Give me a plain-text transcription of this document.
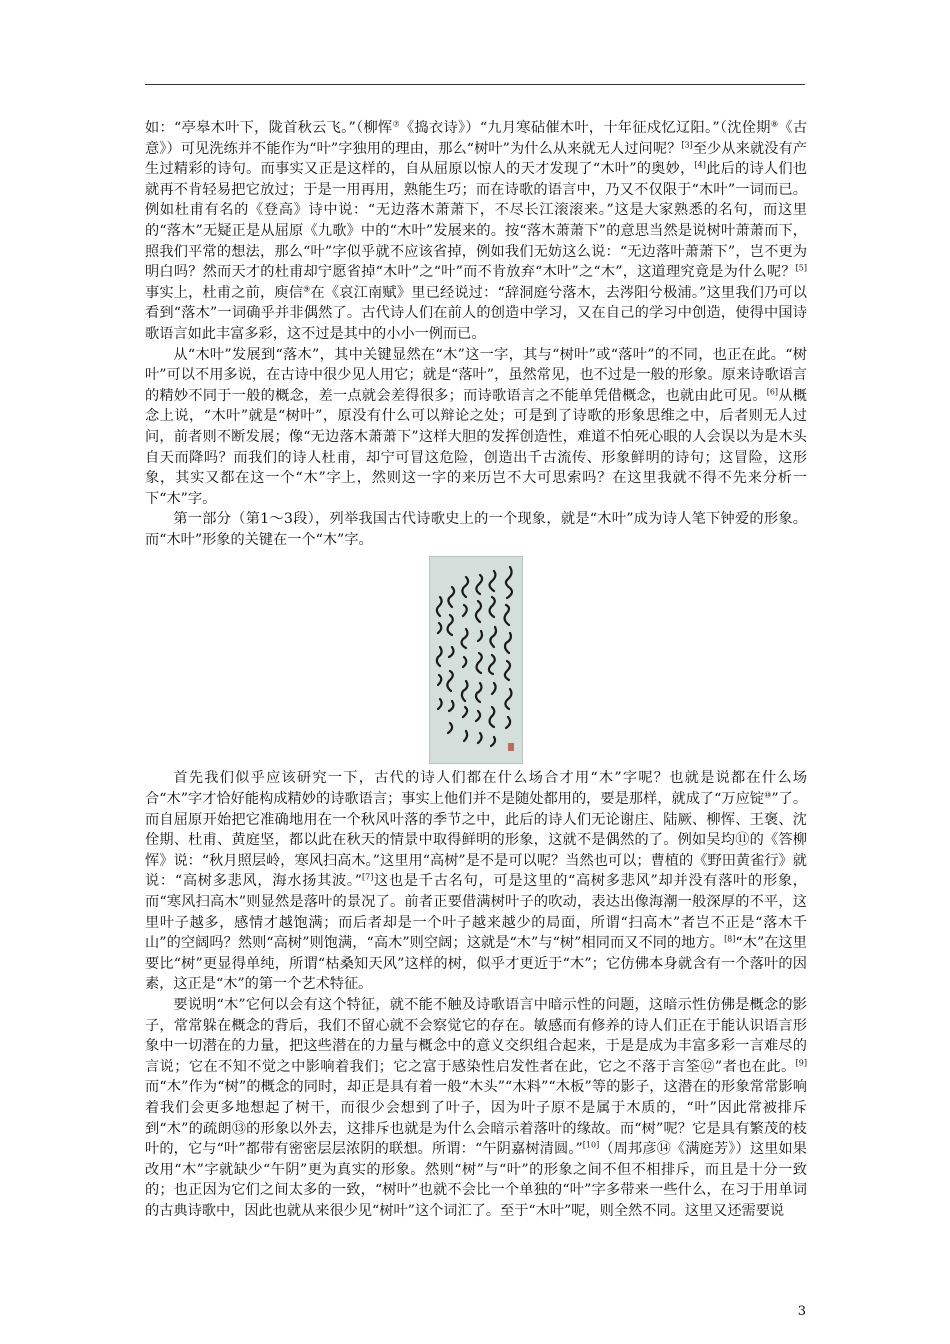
如：“亭皋木叶下，陇首秋云飞。”（柳恽⑦《捣衣诗》）“九月寒砧催木叶，十年征戍忆辽阳。”（沈佺期⑧《古意》）可见洗练并不能作为“叶”字独用的理由，那么“树叶”为什么从来就无人过问呢？[3]至少从来就没有产生过精彩的诗句。而事实又正是这样的，自从屈原以惊人的天才发现了“木叶”的奥妙，[4]此后的诗人们也就再不肯轻易把它放过；于是一用再用，熟能生巧；而在诗歌的语言中，乃又不仅限于“木叶”一词而已。例如杜甫有名的《登高》诗中说：“无边落木萧萧下，不尽长江滚滚来。”这是大家熟悉的名句，而这里的“落木”无疑正是从屈原《九歌》中的“木叶”发展来的。按“落木萧萧下”的意思当然是说树叶萧萧而下，照我们平常的想法，那么“叶”字似乎就不应该省掉，例如我们无妨这么说：“无边落叶萧萧下”，岂不更为明白吗？然而天才的杜甫却宁愿省掉“木叶”之“叶”而不肯放弃“木叶”之“木”，这道理究竟是为什么呢？[5]事实上，杜甫之前，庾信⑨在《哀江南赋》里已经说过：“辞洞庭兮落木，去涔阳兮极浦。”这里我们乃可以看到“落木”一词确乎并非偶然了。古代诗人们在前人的创造中学习，又在自己的学习中创造，使得中国诗歌语言如此丰富多彩，这不过是其中的小小一例而已。

从“木叶”发展到“落木”，其中关键显然在“木”这一字，其与“树叶”或“落叶”的不同，也正在此。“树叶”可以不用多说，在古诗中很少见人用它；就是“落叶”，虽然常见，也不过是一般的形象。原来诗歌语言的精妙不同于一般的概念，差一点就会差得很多；而诗歌语言之不能单凭借概念，也就由此可见。[6]从概念上说，“木叶”就是“树叶”，原没有什么可以辩论之处；可是到了诗歌的形象思维之中，后者则无人过问，前者则不断发展；像“无边落木萧萧下”这样大胆的发挥创造性，难道不怕死心眼的人会误以为是木头自天而降吗？而我们的诗人杜甫，却宁可冒这危险，创造出千古流传、形象鲜明的诗句；这冒险，这形象，其实又都在这一个“木”字上，然则这一字的来历岂不大可思索吗？在这里我就不得不先来分析一下“木”字。

第一部分（第1～3段），列举我国古代诗歌史上的一个现象，就是“木叶”成为诗人笔下钟爱的形象。而“木叶”形象的关键在一个“木”字。

首先我们似乎应该研究一下，古代的诗人们都在什么场合才用“木”字呢？也就是说都在什么场合“木”字才恰好能构成精妙的诗歌语言；事实上他们并不是随处都用的，要是那样，就成了“万应锭⑩”了。而自屈原开始把它准确地用在一个秋风叶落的季节之中，此后的诗人们无论谢庄、陆厥、柳恽、王褒、沈佺期、杜甫、黄庭坚，都以此在秋天的情景中取得鲜明的形象，这就不是偶然的了。例如吴均⑪的《答柳恽》说：“秋月照层岭，寒风扫高木。”这里用“高树”是不是可以呢？当然也可以；曹植的《野田黄雀行》就说：“高树多悲风，海水扬其波。”[7]这也是千古名句，可是这里的“高树多悲风”却并没有落叶的形象，而“寒风扫高木”则显然是落叶的景况了。前者正要借满树叶子的吹动，表达出像海潮一般深厚的不平，这里叶子越多，感情才越饱满；而后者却是一个叶子越来越少的局面，所谓“扫高木”者岂不正是“落木千山”的空阔吗？然则“高树”则饱满，“高木”则空阔；这就是“木”与“树”相同而又不同的地方。[8]“木”在这里要比“树”更显得单纯，所谓“枯桑知天风”这样的树，似乎才更近于“木”；它仿佛本身就含有一个落叶的因素，这正是“木”的第一个艺术特征。

要说明“木”它何以会有这个特征，就不能不触及诗歌语言中暗示性的问题，这暗示性仿佛是概念的影子，常常躲在概念的背后，我们不留心就不会察觉它的存在。敏感而有修养的诗人们正在于能认识语言形象中一切潜在的力量，把这些潜在的力量与概念中的意义交织组合起来，于是是成为丰富多彩一言难尽的言说；它在不知不觉之中影响着我们；它之富于感染性启发性者在此，它之不落于言筌⑫”者也在此。[9]而“木”作为“树”的概念的同时，却正是具有着一般“木头”“木料”“木板”等的影子，这潜在的形象常常影响着我们会更多地想起了树干，而很少会想到了叶子，因为叶子原不是属于木质的，“叶”因此常被排斥到“木”的疏朗⑬的形象以外去，这排斥也就是为什么会暗示着落叶的缘故。而“树”呢？它是具有繁茂的枝叶的，它与“叶”都带有密密层层浓阴的联想。所谓：“午阴嘉树清圆。”[10]（周邦彦⑭《满庭芳》）这里如果改用“木”字就缺少“午阴”更为真实的形象。然则“树”与“叶”的形象之间不但不相排斥，而且是十分一致的；也正因为它们之间太多的一致，“树叶”也就不会比一个单独的“叶”字多带来一些什么，在习于用单词的古典诗歌中，因此也就从来很少见“树叶”这个词汇了。至于“木叶”呢，则全然不同。这里又还需要说

3
